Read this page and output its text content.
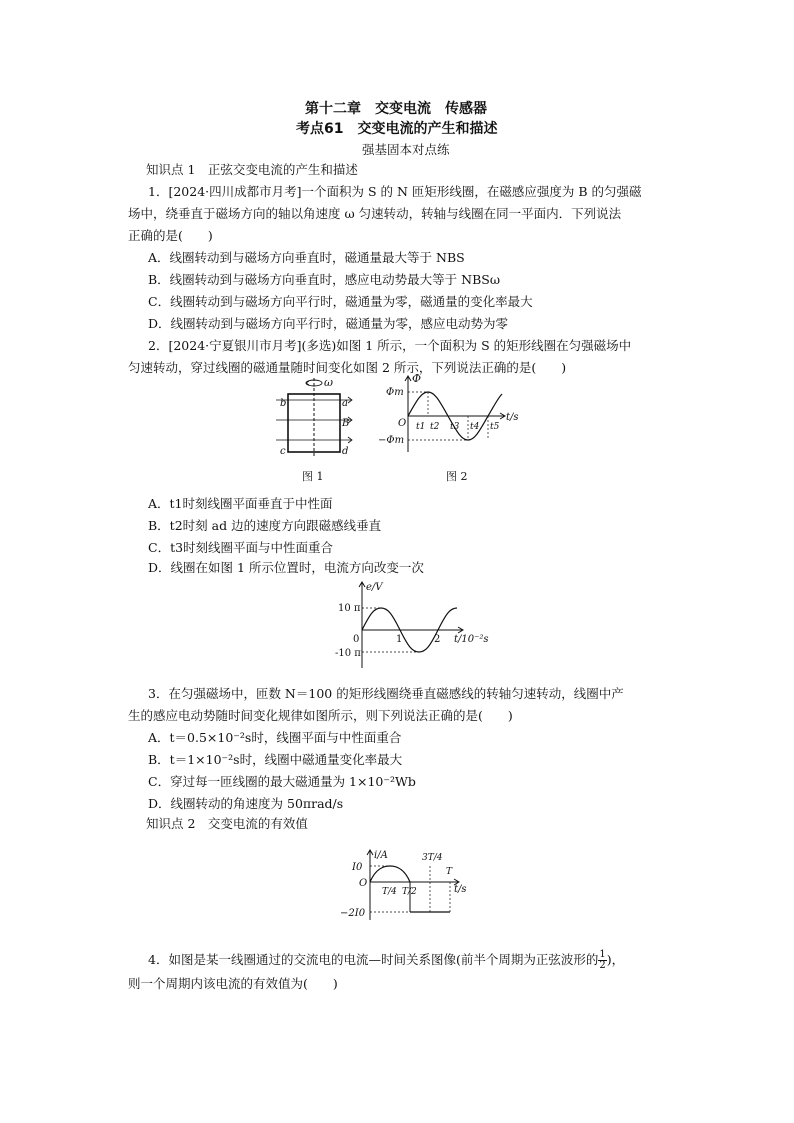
第十二章　交变电流　传感器
考点61　交变电流的产生和描述
强基固本对点练
知识点 1　正弦交变电流的产生和描述
1．[2024·四川成都市月考]一个面积为 S 的 N 匝矩形线圈，在磁感应强度为 B 的匀强磁
场中，绕垂直于磁场方向的轴以角速度 ω 匀速转动，转轴与线圈在同一平面内．下列说法
正确的是(　　)
A．线圈转动到与磁场方向垂直时，磁通量最大等于 NBS
B．线圈转动到与磁场方向垂直时，感应电动势最大等于 NBSω
C．线圈转动到与磁场方向平行时，磁通量为零，磁通量的变化率最大
D．线圈转动到与磁场方向平行时，磁通量为零，感应电动势为零
2．[2024·宁夏银川市月考](多选)如图 1 所示，一个面积为 S 的矩形线圈在匀强磁场中
匀速转动，穿过线圈的磁通量随时间变化如图 2 所示，下列说法正确的是(　　)
ω
b	a
B
c	d
图 1
Φ
Φm
−Φm
O
t/s
t1 t2 t3 t4 t5
图 2
A．t1时刻线圈平面垂直于中性面
B．t2时刻 ad 边的速度方向跟磁感线垂直
C．t3时刻线圈平面与中性面重合
D．线圈在如图 1 所示位置时，电流方向改变一次
e/V
10 π
-10 π
0	1	2 t/10⁻²s
3．在匀强磁场中，匝数 N＝100 的矩形线圈绕垂直磁感线的转轴匀速转动，线圈中产
生的感应电动势随时间变化规律如图所示，则下列说法正确的是(　　)
A．t＝0.5×10⁻²s时，线圈平面与中性面重合
B．t＝1×10⁻²s时，线圈中磁通量变化率最大
C．穿过每一匝线圈的最大磁通量为 1×10⁻²Wb
D．线圈转动的角速度为 50πrad/s
知识点 2　交变电流的有效值
i/A
I0
−2I0
O
T/4 T/2
3T/4
T
t/s
4．如图是某一线圈通过的交流电的电流—时间关系图像(前半个周期为正弦波形的 $\frac{1}{2}$ )，
则一个周期内该电流的有效值为(　　)
